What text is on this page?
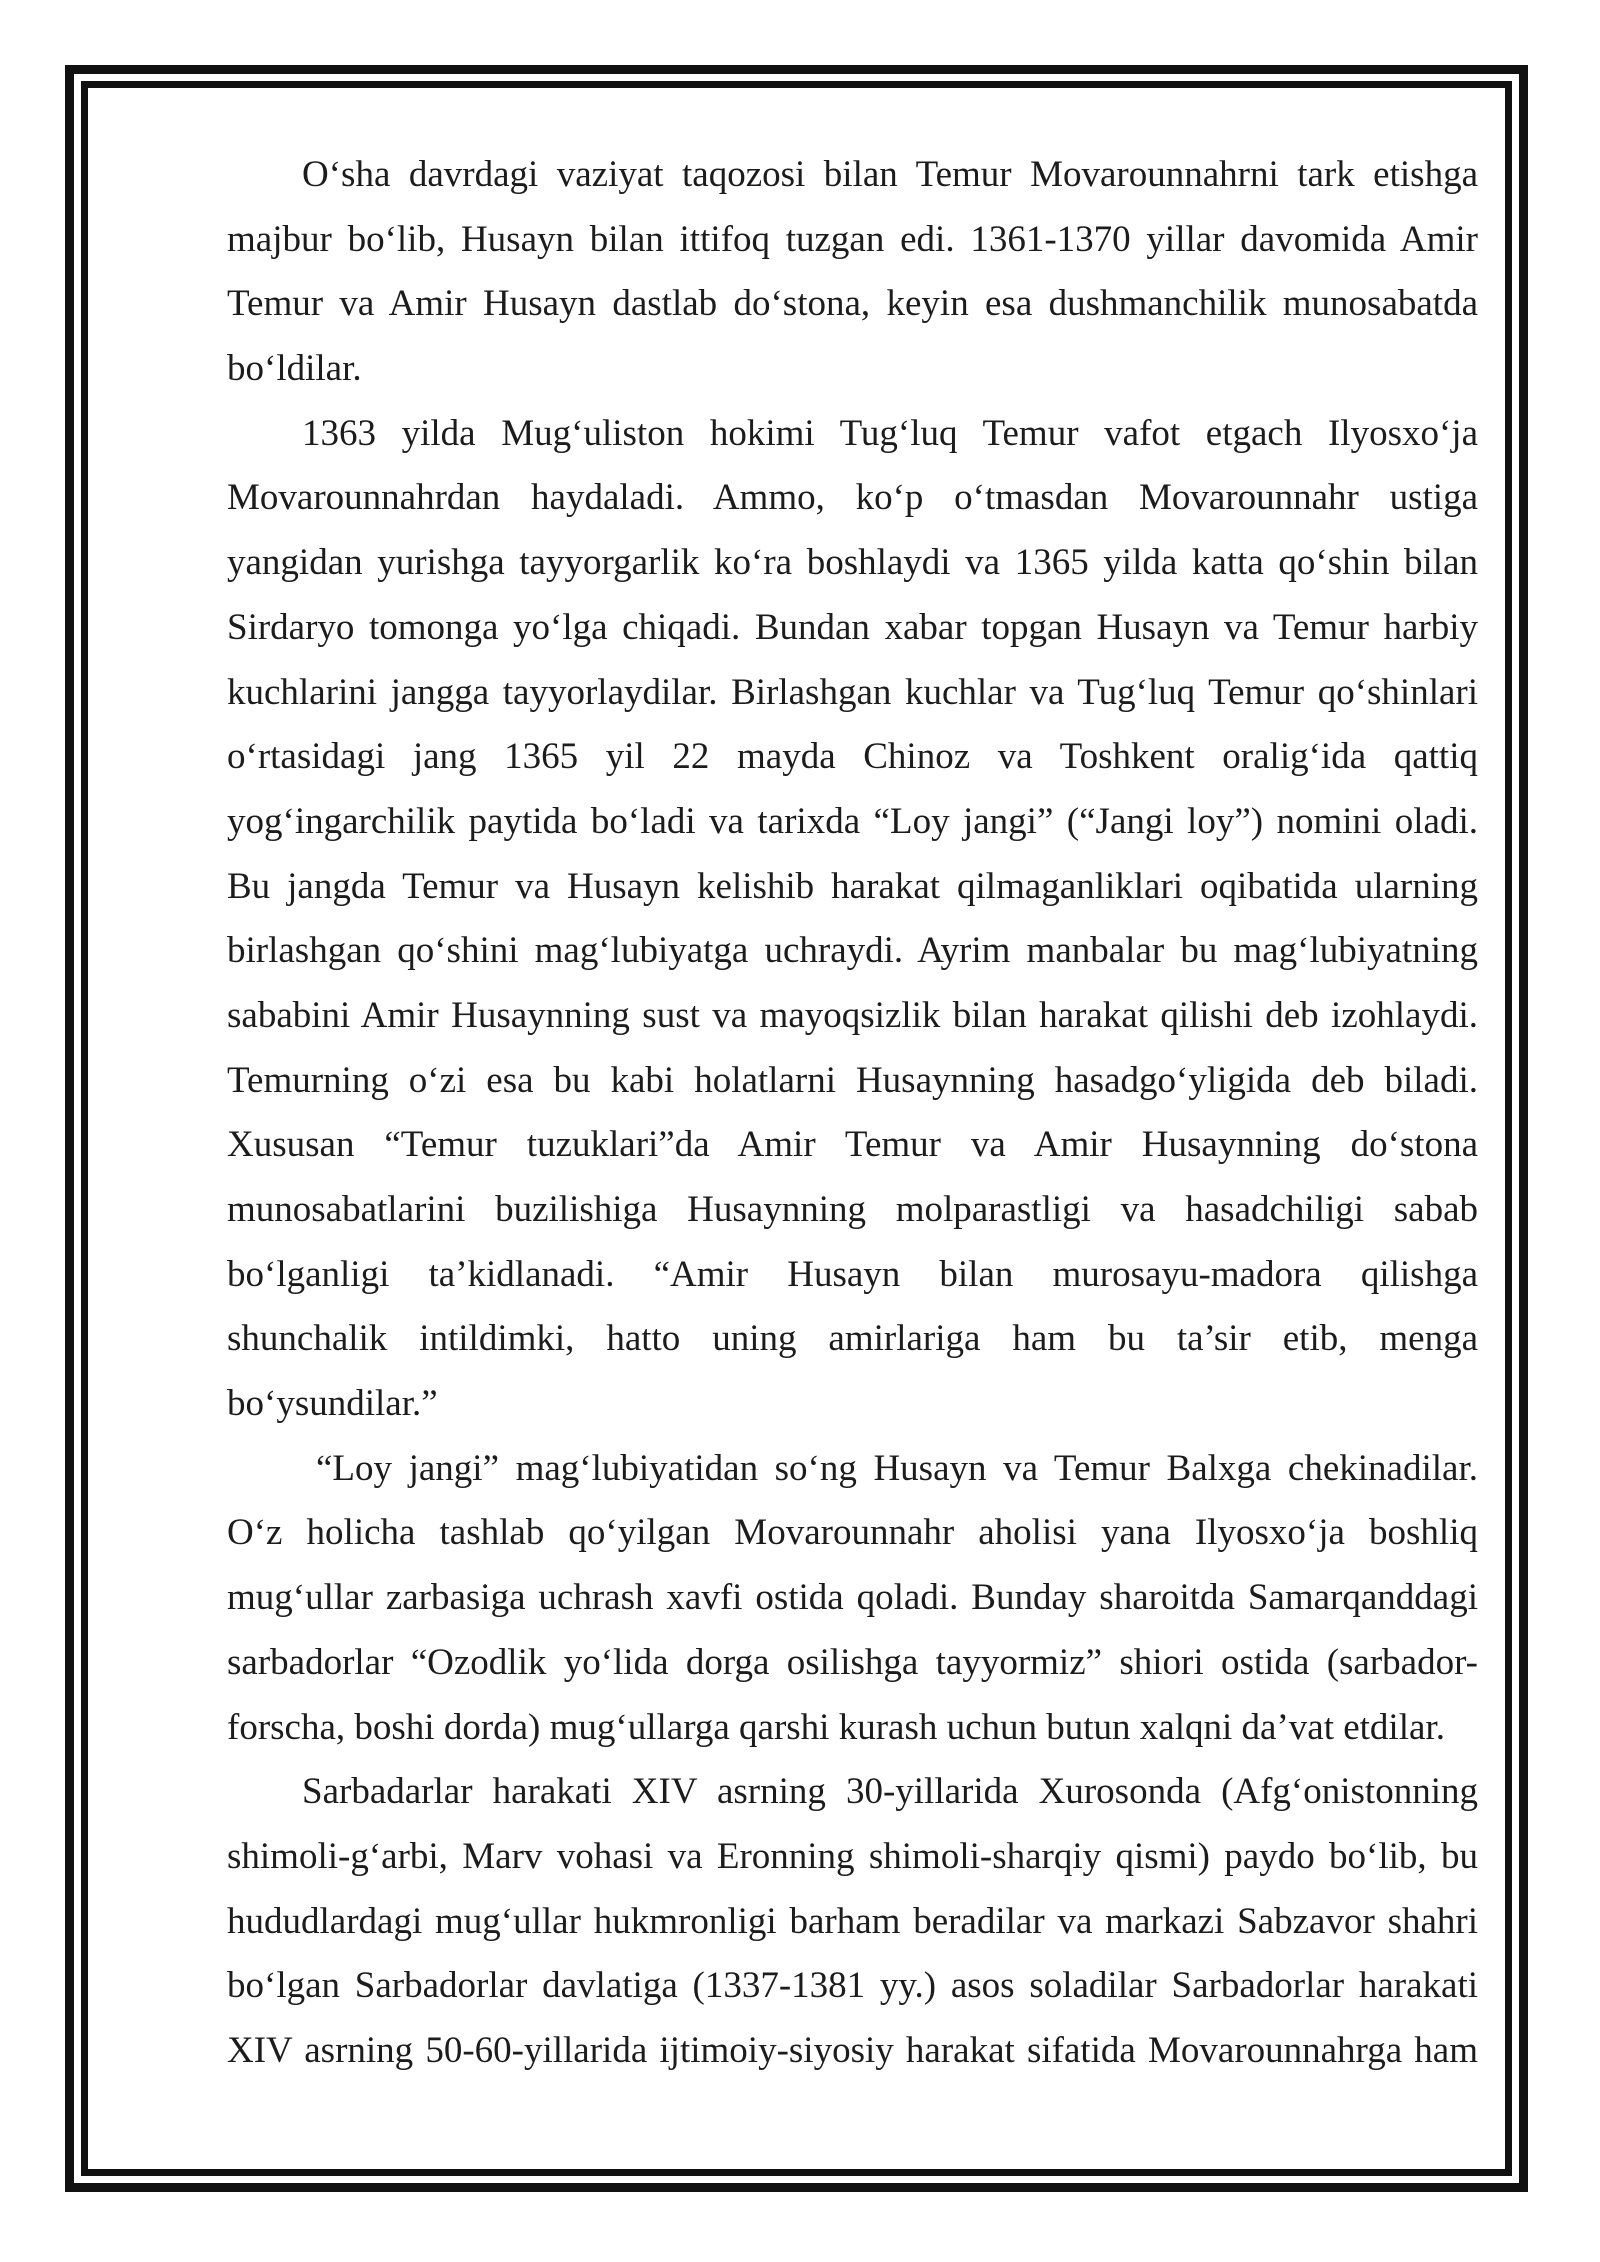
O‘sha davrdagi vaziyat taqozosi bilan Temur Movarounnahrni tark etishga
majbur bo‘lib, Husayn bilan ittifoq tuzgan edi. 1361-1370 yillar davomida Amir
Temur va Amir Husayn dastlab do‘stona, keyin esa dushmanchilik munosabatda
bo‘ldilar.
1363 yilda Mug‘uliston hokimi Tug‘luq Temur vafot etgach Ilyosxo‘ja
Movarounnahrdan haydaladi. Ammo, ko‘p o‘tmasdan Movarounnahr ustiga
yangidan yurishga tayyorgarlik ko‘ra boshlaydi va 1365 yilda katta qo‘shin bilan
Sirdaryo tomonga yo‘lga chiqadi. Bundan xabar topgan Husayn va Temur harbiy
kuchlarini jangga tayyorlaydilar. Birlashgan kuchlar va Tug‘luq Temur qo‘shinlari
o‘rtasidagi jang 1365 yil 22 mayda Chinoz va Toshkent oralig‘ida qattiq
yog‘ingarchilik paytida bo‘ladi va tarixda “Loy jangi” (“Jangi loy”) nomini oladi.
Bu jangda Temur va Husayn kelishib harakat qilmaganliklari oqibatida ularning
birlashgan qo‘shini mag‘lubiyatga uchraydi. Ayrim manbalar bu mag‘lubiyatning
sababini Amir Husaynning sust va mayoqsizlik bilan harakat qilishi deb izohlaydi.
Temurning o‘zi esa bu kabi holatlarni Husaynning hasadgo‘yligida deb biladi.
Xususan “Temur tuzuklari”da Amir Temur va Amir Husaynning do‘stona
munosabatlarini buzilishiga Husaynning molparastligi va hasadchiligi sabab
bo‘lganligi ta’kidlanadi. “Amir Husayn bilan murosayu-madora qilishga
shunchalik intildimki, hatto uning amirlariga ham bu ta’sir etib, menga
bo‘ysundilar.”
“Loy jangi” mag‘lubiyatidan so‘ng Husayn va Temur Balxga chekinadilar.
O‘z holicha tashlab qo‘yilgan Movarounnahr aholisi yana Ilyosxo‘ja boshliq
mug‘ullar zarbasiga uchrash xavfi ostida qoladi. Bunday sharoitda Samarqanddagi
sarbadorlar “Ozodlik yo‘lida dorga osilishga tayyormiz” shiori ostida (sarbador-
forscha, boshi dorda) mug‘ullarga qarshi kurash uchun butun xalqni da’vat etdilar.
Sarbadarlar harakati XIV asrning 30-yillarida Xurosonda (Afg‘onistonning
shimoli-g‘arbi, Marv vohasi va Eronning shimoli-sharqiy qismi) paydo bo‘lib, bu
hududlardagi mug‘ullar hukmronligi barham beradilar va markazi Sabzavor shahri
bo‘lgan Sarbadorlar davlatiga (1337-1381 yy.) asos soladilar Sarbadorlar harakati
XIV asrning 50-60-yillarida ijtimoiy-siyosiy harakat sifatida Movarounnahrga ham
